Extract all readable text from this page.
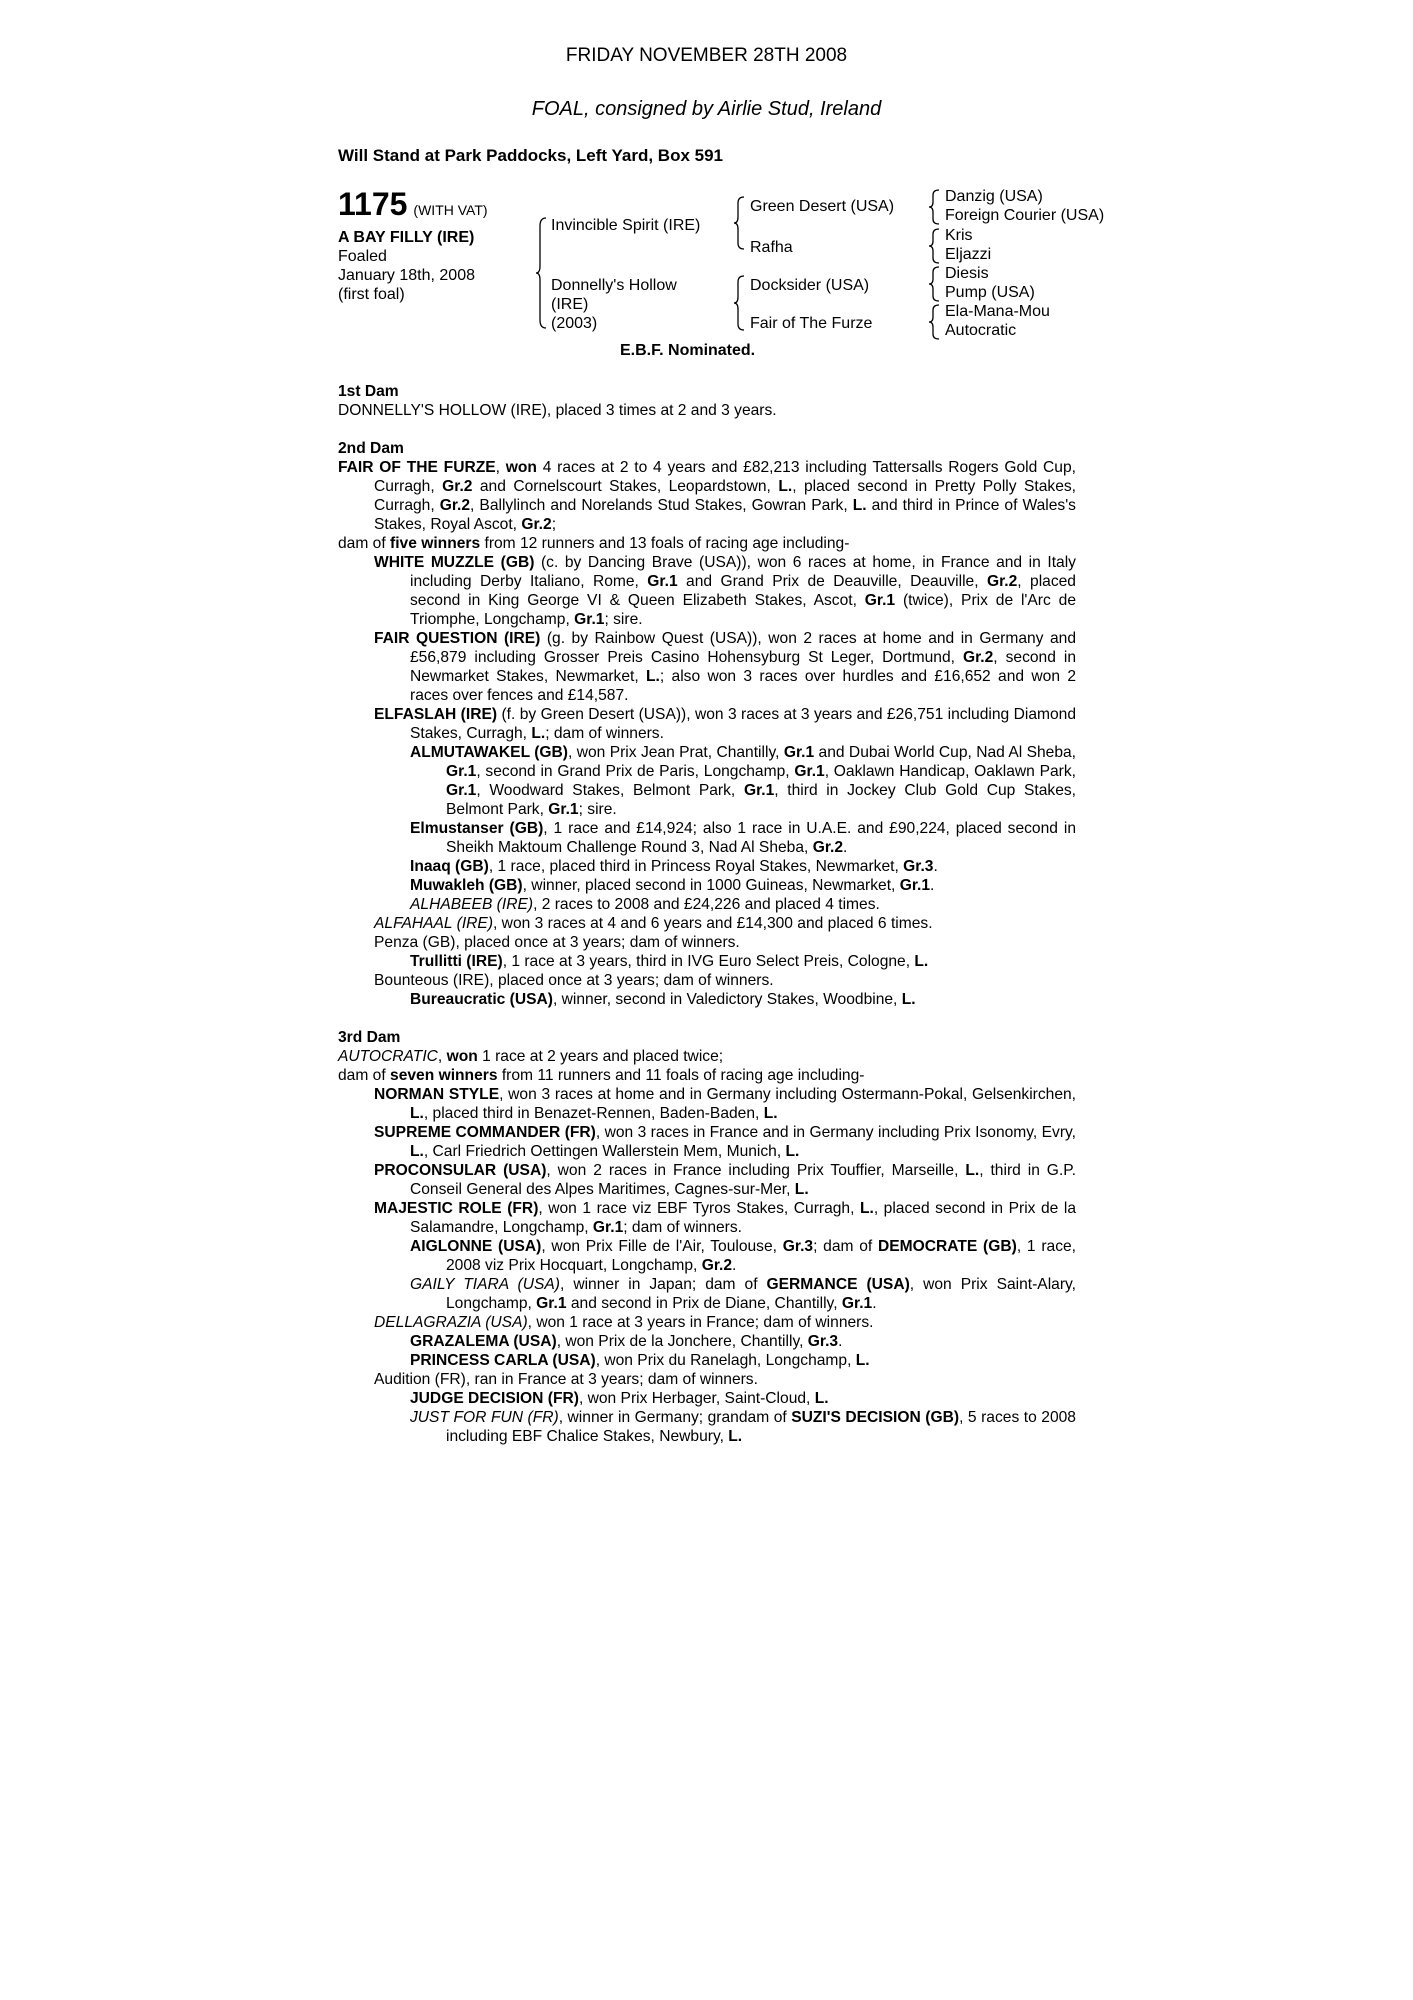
FRIDAY NOVEMBER 28TH 2008
FOAL, consigned by Airlie Stud, Ireland
Will Stand at Park Paddocks, Left Yard, Box 591
1175 (WITH VAT)
A BAY FILLY (IRE)
Foaled
January 18th, 2008
(first foal)
Invincible Spirit (IRE)
Donnelly's Hollow
(IRE)
(2003)
Green Desert (USA)
Rafha
Docksider (USA)
Fair of The Furze
Danzig (USA)
Foreign Courier (USA)
Kris
Eljazzi
Diesis
Pump (USA)
Ela-Mana-Mou
Autocratic
E.B.F. Nominated.
1st Dam
DONNELLY'S HOLLOW (IRE), placed 3 times at 2 and 3 years.
2nd Dam
FAIR OF THE FURZE, won 4 races at 2 to 4 years and £82,213 including Tattersalls Rogers Gold Cup, Curragh, Gr.2 and Cornelscourt Stakes, Leopardstown, L., placed second in Pretty Polly Stakes, Curragh, Gr.2, Ballylinch and Norelands Stud Stakes, Gowran Park, L. and third in Prince of Wales's Stakes, Royal Ascot, Gr.2;
dam of five winners from 12 runners and 13 foals of racing age including-
WHITE MUZZLE (GB) (c. by Dancing Brave (USA)), won 6 races at home, in France and in Italy including Derby Italiano, Rome, Gr.1 and Grand Prix de Deauville, Deauville, Gr.2, placed second in King George VI & Queen Elizabeth Stakes, Ascot, Gr.1 (twice), Prix de l'Arc de Triomphe, Longchamp, Gr.1; sire.
FAIR QUESTION (IRE) (g. by Rainbow Quest (USA)), won 2 races at home and in Germany and £56,879 including Grosser Preis Casino Hohensyburg St Leger, Dortmund, Gr.2, second in Newmarket Stakes, Newmarket, L.; also won 3 races over hurdles and £16,652 and won 2 races over fences and £14,587.
ELFASLAH (IRE) (f. by Green Desert (USA)), won 3 races at 3 years and £26,751 including Diamond Stakes, Curragh, L.; dam of winners.
ALMUTAWAKEL (GB), won Prix Jean Prat, Chantilly, Gr.1 and Dubai World Cup, Nad Al Sheba, Gr.1, second in Grand Prix de Paris, Longchamp, Gr.1, Oaklawn Handicap, Oaklawn Park, Gr.1, Woodward Stakes, Belmont Park, Gr.1, third in Jockey Club Gold Cup Stakes, Belmont Park, Gr.1; sire.
Elmustanser (GB), 1 race and £14,924; also 1 race in U.A.E. and £90,224, placed second in Sheikh Maktoum Challenge Round 3, Nad Al Sheba, Gr.2.
Inaaq (GB), 1 race, placed third in Princess Royal Stakes, Newmarket, Gr.3.
Muwakleh (GB), winner, placed second in 1000 Guineas, Newmarket, Gr.1.
ALHABEEB (IRE), 2 races to 2008 and £24,226 and placed 4 times.
ALFAHAAL (IRE), won 3 races at 4 and 6 years and £14,300 and placed 6 times.
Penza (GB), placed once at 3 years; dam of winners.
Trullitti (IRE), 1 race at 3 years, third in IVG Euro Select Preis, Cologne, L.
Bounteous (IRE), placed once at 3 years; dam of winners.
Bureaucratic (USA), winner, second in Valedictory Stakes, Woodbine, L.
3rd Dam
AUTOCRATIC, won 1 race at 2 years and placed twice;
dam of seven winners from 11 runners and 11 foals of racing age including-
NORMAN STYLE, won 3 races at home and in Germany including Ostermann-Pokal, Gelsenkirchen, L., placed third in Benazet-Rennen, Baden-Baden, L.
SUPREME COMMANDER (FR), won 3 races in France and in Germany including Prix Isonomy, Evry, L., Carl Friedrich Oettingen Wallerstein Mem, Munich, L.
PROCONSULAR (USA), won 2 races in France including Prix Touffier, Marseille, L., third in G.P. Conseil General des Alpes Maritimes, Cagnes-sur-Mer, L.
MAJESTIC ROLE (FR), won 1 race viz EBF Tyros Stakes, Curragh, L., placed second in Prix de la Salamandre, Longchamp, Gr.1; dam of winners.
AIGLONNE (USA), won Prix Fille de l'Air, Toulouse, Gr.3; dam of DEMOCRATE (GB), 1 race, 2008 viz Prix Hocquart, Longchamp, Gr.2.
GAILY TIARA (USA), winner in Japan; dam of GERMANCE (USA), won Prix Saint-Alary, Longchamp, Gr.1 and second in Prix de Diane, Chantilly, Gr.1.
DELLAGRAZIA (USA), won 1 race at 3 years in France; dam of winners.
GRAZALEMA (USA), won Prix de la Jonchere, Chantilly, Gr.3.
PRINCESS CARLA (USA), won Prix du Ranelagh, Longchamp, L.
Audition (FR), ran in France at 3 years; dam of winners.
JUDGE DECISION (FR), won Prix Herbager, Saint-Cloud, L.
JUST FOR FUN (FR), winner in Germany; grandam of SUZI'S DECISION (GB), 5 races to 2008 including EBF Chalice Stakes, Newbury, L.
